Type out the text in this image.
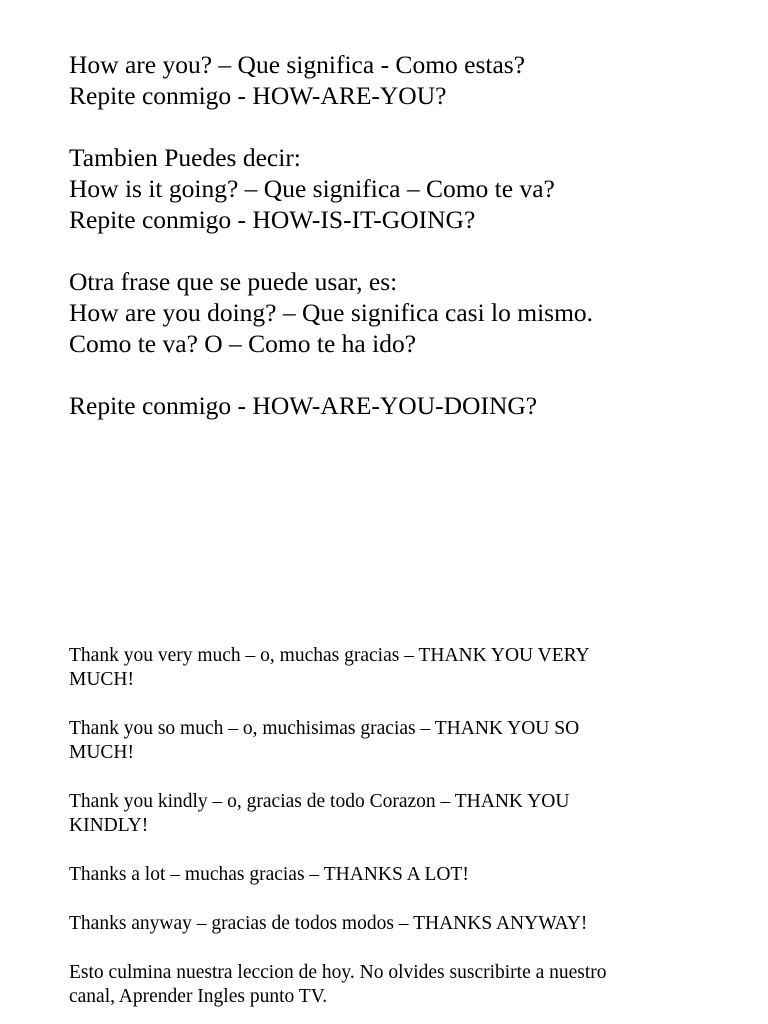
How are you? – Que significa - Como estas?
Repite conmigo - HOW-ARE-YOU?

Tambien Puedes decir:
How is it going? – Que significa – Como te va?
Repite conmigo - HOW-IS-IT-GOING?

Otra frase que se puede usar, es:
How are you doing? – Que significa casi lo mismo.
Como te va? O – Como te ha ido?

Repite conmigo - HOW-ARE-YOU-DOING?

Thank you very much – o, muchas gracias – THANK YOU VERY
MUCH!

Thank you so much – o, muchisimas gracias – THANK YOU SO
MUCH!

Thank you kindly – o, gracias de todo Corazon – THANK YOU
KINDLY!

Thanks a lot – muchas gracias – THANKS A LOT!

Thanks anyway – gracias de todos modos – THANKS ANYWAY!

Esto culmina nuestra leccion de hoy. No olvides suscribirte a nuestro
canal, Aprender Ingles punto TV.
